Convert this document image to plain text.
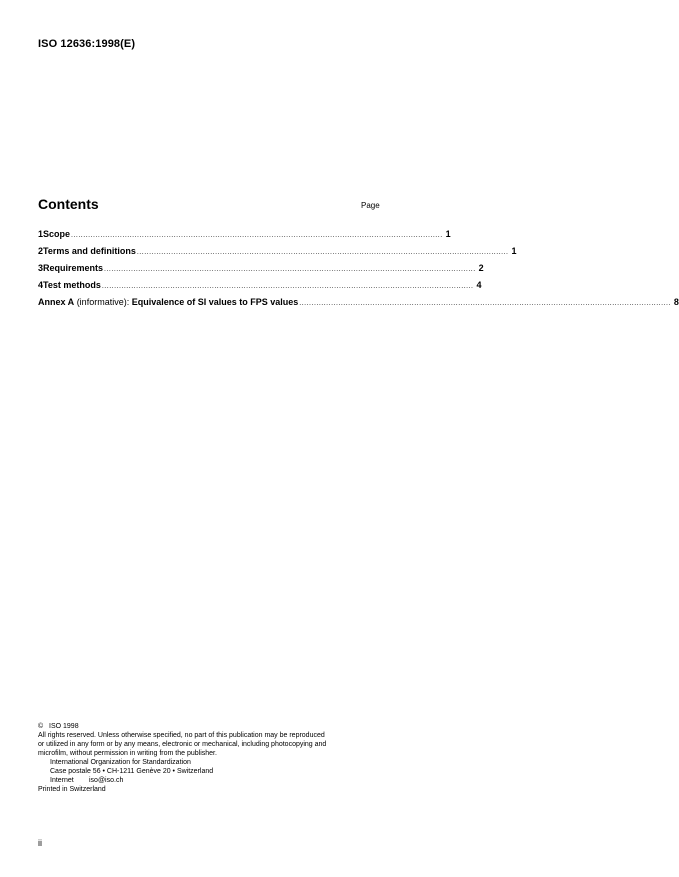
ISO 12636:1998(E)
Contents	Page
1 Scope ........................................................................................................................................................ 1
2 Terms and definitions ........................................................................................................................................................ 1
3 Requirements ........................................................................................................................................................ 2
4 Test methods ........................................................................................................................................................ 4
Annex A (informative): Equivalence of SI values to FPS values ........................................................................................................................................................ 8
© ISO 1998
All rights reserved. Unless otherwise specified, no part of this publication may be reproduced
or utilized in any form or by any means, electronic or mechanical, including photocopying and
microfilm, without permission in writing from the publisher.
International Organization for Standardization
Case postale 56 • CH-1211 Genève 20 • Switzerland
Internet iso@iso.ch
Printed in Switzerland
ii
